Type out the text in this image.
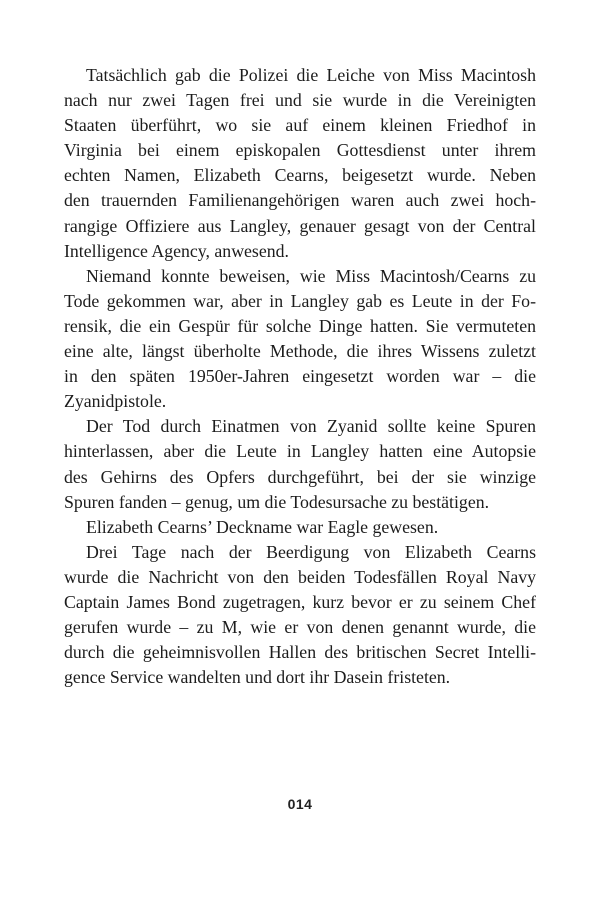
Tatsächlich gab die Polizei die Leiche von Miss Macintosh
nach nur zwei Tagen frei und sie wurde in die Vereinigten
Staaten überführt, wo sie auf einem kleinen Friedhof in
Virginia bei einem episkopalen Gottesdienst unter ihrem
echten Namen, Elizabeth Cearns, beigesetzt wurde. Neben
den trauernden Familienangehörigen waren auch zwei hoch-
rangige Offiziere aus Langley, genauer gesagt von der Central
Intelligence Agency, anwesend.
Niemand konnte beweisen, wie Miss Macintosh/Cearns zu
Tode gekommen war, aber in Langley gab es Leute in der Fo-
rensik, die ein Gespür für solche Dinge hatten. Sie vermuteten
eine alte, längst überholte Methode, die ihres Wissens zuletzt
in den späten 1950er-Jahren eingesetzt worden war – die
Zyanidpistole.
Der Tod durch Einatmen von Zyanid sollte keine Spuren
hinterlassen, aber die Leute in Langley hatten eine Autopsie
des Gehirns des Opfers durchgeführt, bei der sie winzige
Spuren fanden – genug, um die Todesursache zu bestätigen.
Elizabeth Cearns’ Deckname war Eagle gewesen.
Drei Tage nach der Beerdigung von Elizabeth Cearns
wurde die Nachricht von den beiden Todesfällen Royal Navy
Captain James Bond zugetragen, kurz bevor er zu seinem Chef
gerufen wurde – zu M, wie er von denen genannt wurde, die
durch die geheimnisvollen Hallen des britischen Secret Intelli-
gence Service wandelten und dort ihr Dasein fristeten.
014
